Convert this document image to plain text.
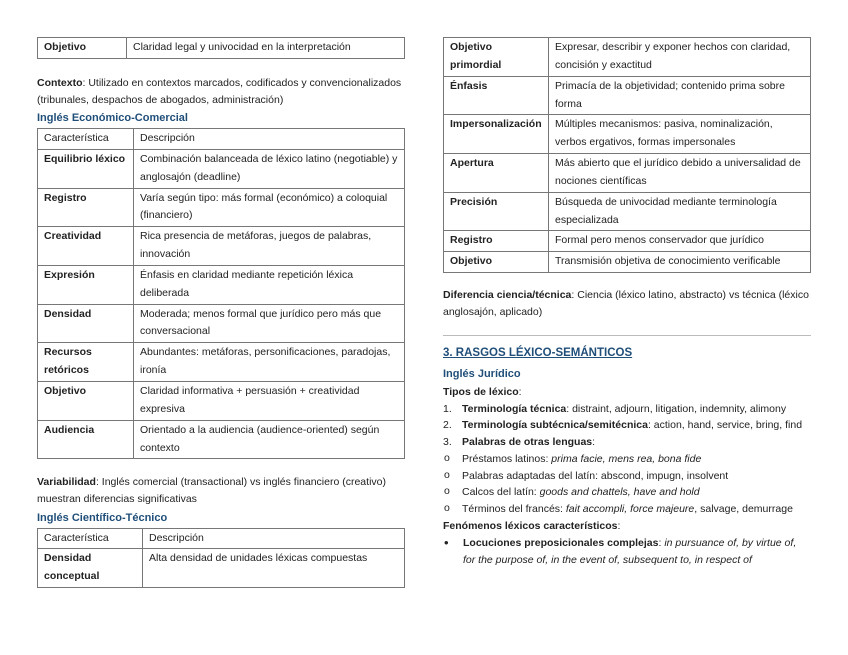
Objetivo	Claridad legal y univocidad en la interpretación

Contexto: Utilizado en contextos marcados, codificados y convencionalizados (tribunales, despachos de abogados, administración)

Inglés Económico-Comercial

Característica	Descripción
Equilibrio léxico	Combinación balanceada de léxico latino (negotiable) y anglosajón (deadline)
Registro	Varía según tipo: más formal (económico) a coloquial (financiero)
Creatividad	Rica presencia de metáforas, juegos de palabras, innovación
Expresión	Énfasis en claridad mediante repetición léxica deliberada
Densidad	Moderada; menos formal que jurídico pero más que conversacional
Recursos retóricos	Abundantes: metáforas, personificaciones, paradojas, ironía
Objetivo	Claridad informativa + persuasión + creatividad expresiva
Audiencia	Orientado a la audiencia (audience-oriented) según contexto

Variabilidad: Inglés comercial (transactional) vs inglés financiero (creativo) muestran diferencias significativas

Inglés Científico-Técnico

Característica	Descripción
Densidad conceptual	Alta densidad de unidades léxicas compuestas
Objetivo primordial	Expresar, describir y exponer hechos con claridad, concisión y exactitud
Énfasis	Primacía de la objetividad; contenido prima sobre forma
Impersonalización	Múltiples mecanismos: pasiva, nominalización, verbos ergativos, formas impersonales
Apertura	Más abierto que el jurídico debido a universalidad de nociones científicas
Precisión	Búsqueda de univocidad mediante terminología especializada
Registro	Formal pero menos conservador que jurídico
Objetivo	Transmisión objetiva de conocimiento verificable

Diferencia ciencia/técnica: Ciencia (léxico latino, abstracto) vs técnica (léxico anglosajón, aplicado)

3. RASGOS LÉXICO-SEMÁNTICOS

Inglés Jurídico

Tipos de léxico:

1. Terminología técnica: distraint, adjourn, litigation, indemnity, alimony
2. Terminología subtécnica/semitécnica: action, hand, service, bring, find
3. Palabras de otras lenguas:
o Préstamos latinos: prima facie, mens rea, bona fide
o Palabras adaptadas del latín: abscond, impugn, insolvent
o Calcos del latín: goods and chattels, have and hold
o Términos del francés: fait accompli, force majeure, salvage, demurrage

Fenómenos léxicos característicos:

• Locuciones preposicionales complejas: in pursuance of, by virtue of, for the purpose of, in the event of, subsequent to, in respect of
